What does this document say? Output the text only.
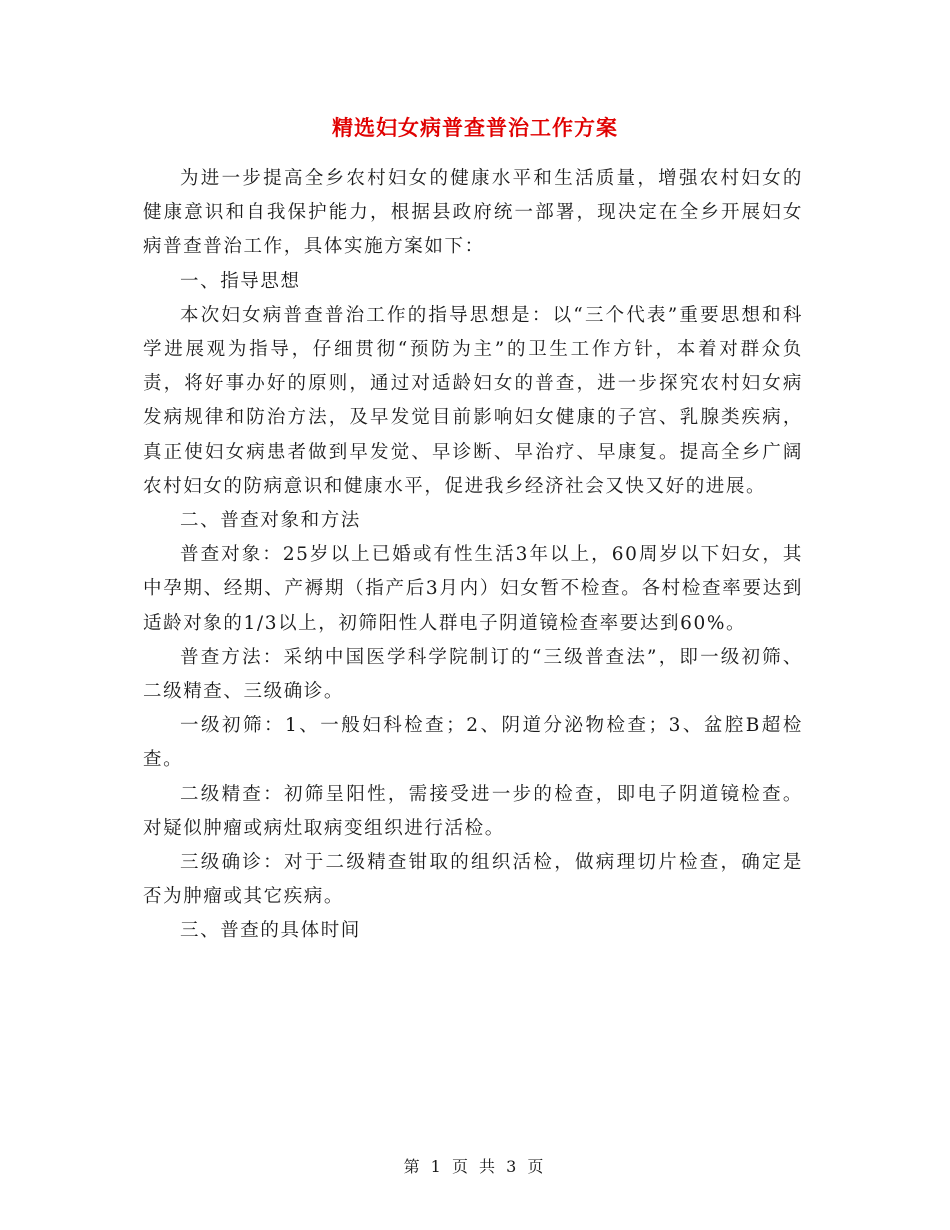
精选妇女病普查普治工作方案

为进一步提高全乡农村妇女的健康水平和生活质量，增强农村妇女的健康意识和自我保护能力，根据县政府统一部署，现决定在全乡开展妇女病普查普治工作，具体实施方案如下：

一、指导思想

本次妇女病普查普治工作的指导思想是：以“三个代表”重要思想和科学进展观为指导，仔细贯彻“预防为主”的卫生工作方针，本着对群众负责，将好事办好的原则，通过对适龄妇女的普查，进一步探究农村妇女病发病规律和防治方法，及早发觉目前影响妇女健康的子宫、乳腺类疾病，真正使妇女病患者做到早发觉、早诊断、早治疗、早康复。提高全乡广阔农村妇女的防病意识和健康水平，促进我乡经济社会又快又好的进展。

二、普查对象和方法

普查对象：25岁以上已婚或有性生活3年以上，60周岁以下妇女，其中孕期、经期、产褥期（指产后3月内）妇女暂不检查。各村检查率要达到适龄对象的1/3以上，初筛阳性人群电子阴道镜检查率要达到60%。

普查方法：采纳中国医学科学院制订的“三级普查法”，即一级初筛、二级精查、三级确诊。

一级初筛：1、一般妇科检查；2、阴道分泌物检查；3、盆腔B超检查。

二级精查：初筛呈阳性，需接受进一步的检查，即电子阴道镜检查。对疑似肿瘤或病灶取病变组织进行活检。

三级确诊：对于二级精查钳取的组织活检，做病理切片检查，确定是否为肿瘤或其它疾病。

三、普查的具体时间

第 1 页 共 3 页
